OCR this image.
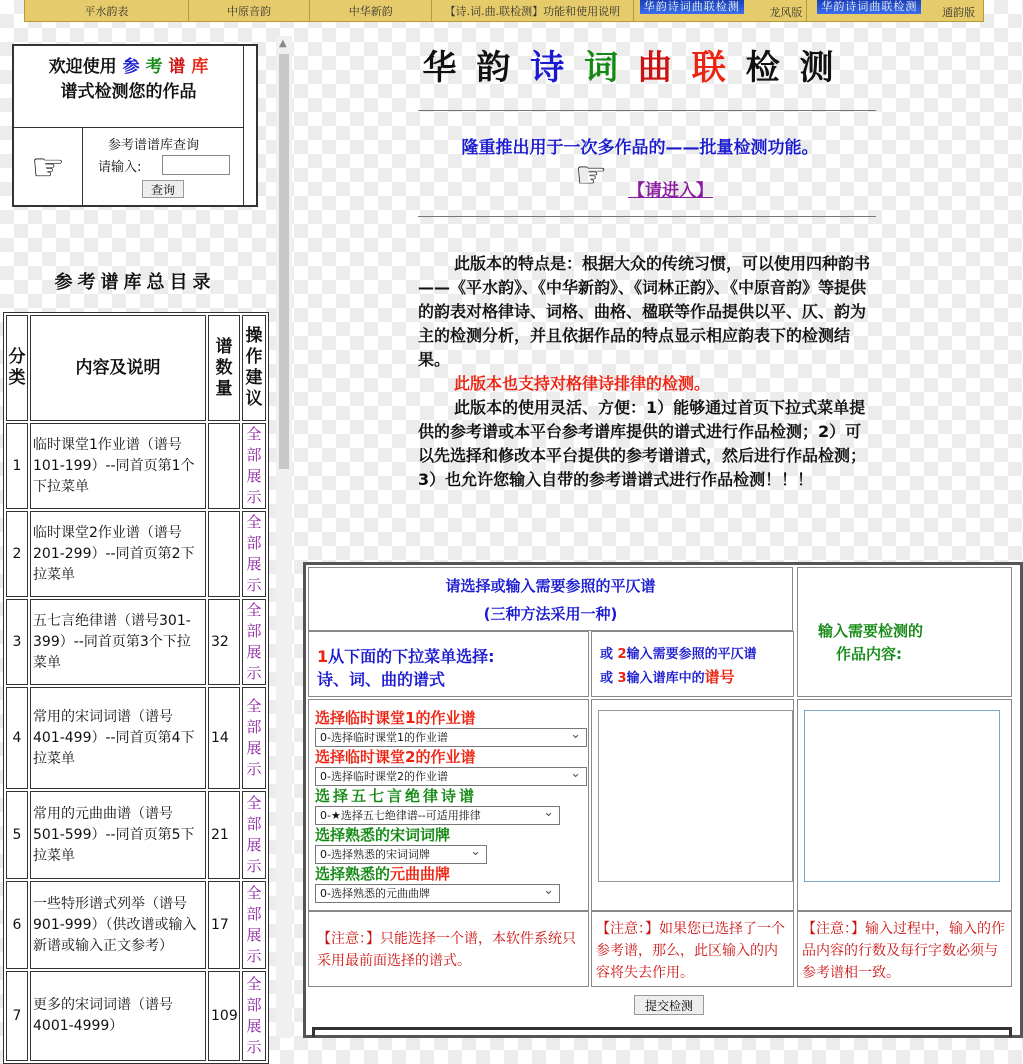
平水韵表	中原音韵	中华新韵	【诗.词.曲.联检测】功能和使用说明	华韵诗词曲联检测	龙风版	华韵诗词曲联检测	通韵版
欢迎使用 参 考 谱 库
谱式检测您的作品
☞	参考谱谱库查询
请输入:
查询
参考谱库总目录
分类	内容及说明	谱数量	操作建议
1	临时课堂1作业谱（谱号101-199）--同首页第1个下拉菜单		全部展示
2	临时课堂2作业谱（谱号201-299）--同首页第2下拉菜单		全部展示
3	五七言绝律谱（谱号301-399）--同首页第3个下拉菜单	32	全部展示
4	常用的宋词词谱（谱号401-499）--同首页第4下拉菜单	14	全部展示
5	常用的元曲曲谱（谱号501-599）--同首页第5下拉菜单	21	全部展示
6	一些特形谱式列举（谱号901-999）（供改谱或输入新谱或输入正文参考）	17	全部展示
7	更多的宋词词谱（谱号4001-4999）	109	全部展示
▲
华 韵 诗 词 曲 联 检 测
隆重推出用于一次多作品的——批量检测功能。
☞ 【请进入】

此版本的特点是：根据大众的传统习惯，可以使用四种韵书——《平水韵》、《中华新韵》、《词林正韵》、《中原音韵》等提供的韵表对格律诗、词格、曲格、楹联等作品提供以平、仄、韵为主的检测分析，并且依据作品的特点显示相应韵表下的检测结果。

此版本也支持对格律诗排律的检测。

此版本的使用灵活、方便：1）能够通过首页下拉式菜单提供的参考谱或本平台参考谱库提供的谱式进行作品检测；2）可以先选择和修改本平台提供的参考谱谱式，然后进行作品检测；3）也允许您输入自带的参考谱谱式进行作品检测！！！

请选择或输入需要参照的平仄谱
(三种方法采用一种)
输入需要检测的
作品内容:
1从下面的下拉菜单选择:
诗、词、曲的谱式
或 2输入需要参照的平仄谱
或 3输入谱库中的谱号
选择临时课堂1的作业谱
0-选择临时课堂1的作业谱 ⌄
选择临时课堂2的作业谱
0-选择临时课堂2的作业谱 ⌄
选择五七言绝律诗谱
0-★选择五七绝律谱--可适用排律 ⌄
选择熟悉的宋词词牌
0-选择熟悉的宋词词牌 ⌄
选择熟悉的元曲曲牌
0-选择熟悉的元曲曲牌 ⌄
【注意：】只能选择一个谱，本软件系统只采用最前面选择的谱式。
【注意：】如果您已选择了一个参考谱，那么，此区输入的内容将失去作用。
【注意：】输入过程中，输入的作品内容的行数及每行字数必须与参考谱相一致。
提交检测
